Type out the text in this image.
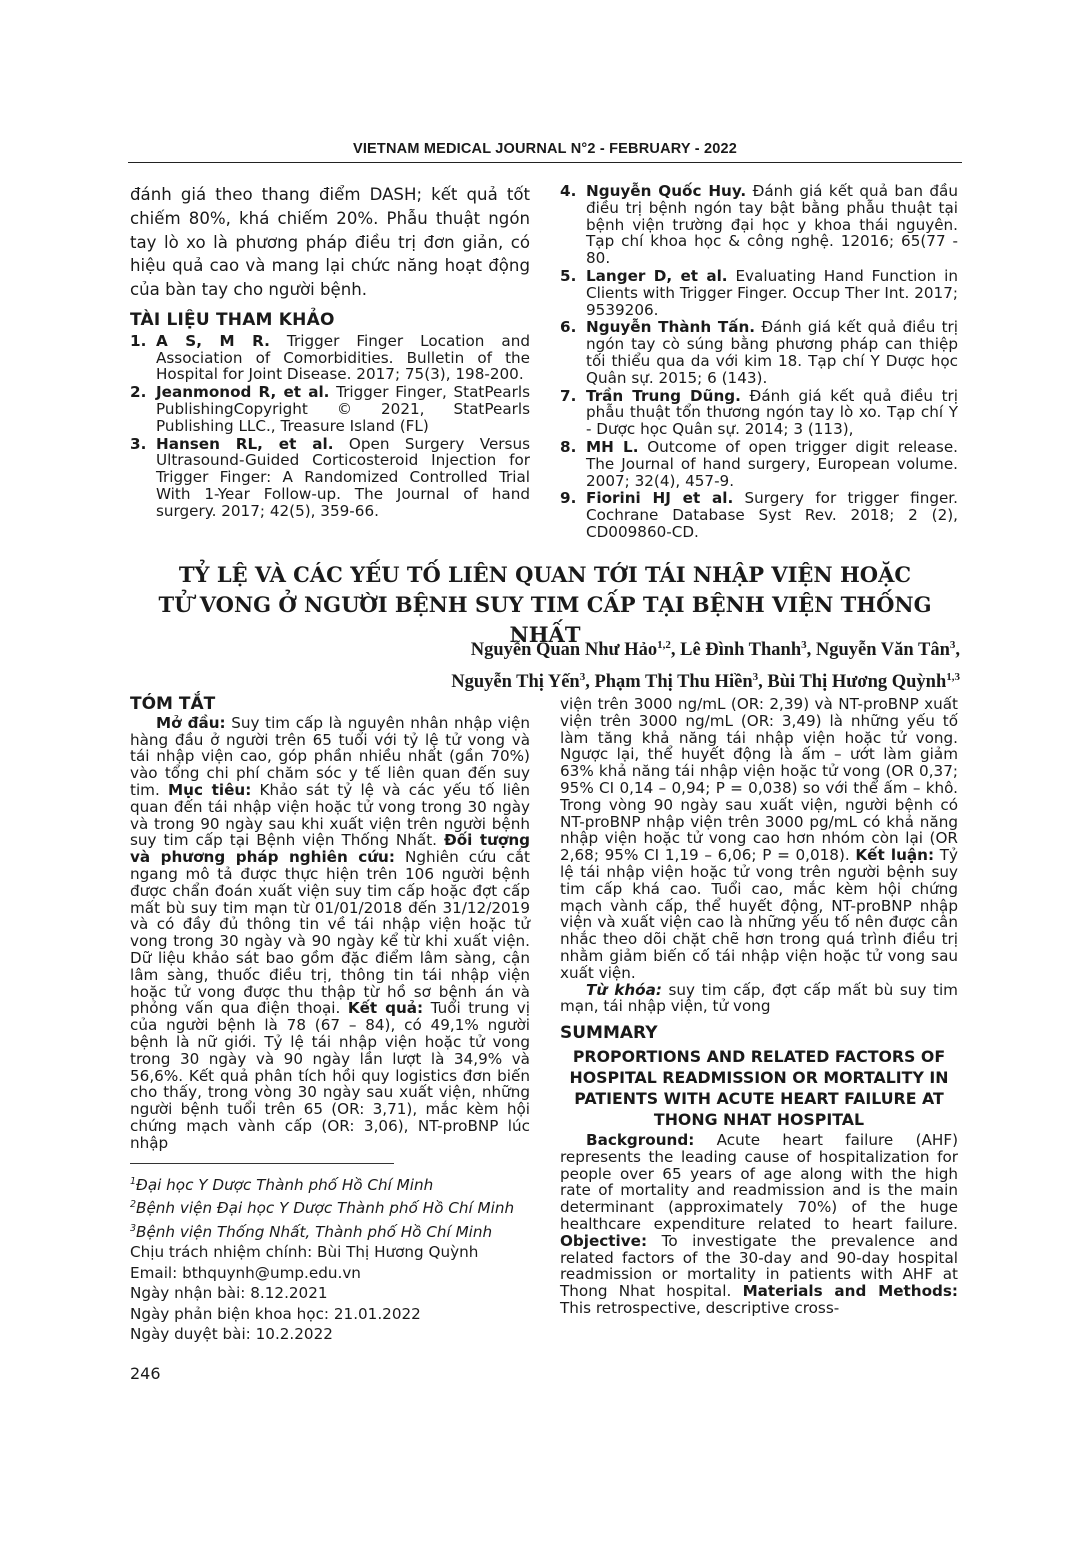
VIETNAM MEDICAL JOURNAL N°2 - FEBRUARY - 2022

đánh giá theo thang điểm DASH; kết quả tốt chiếm 80%, khá chiếm 20%. Phẫu thuật ngón tay lò xo là phương pháp điều trị đơn giản, có hiệu quả cao và mang lại chức năng hoạt động của bàn tay cho người bệnh.

TÀI LIỆU THAM KHẢO
1. A S, M R. Trigger Finger Location and Association of Comorbidities. Bulletin of the Hospital for Joint Disease. 2017; 75(3), 198-200.
2. Jeanmonod R, et al. Trigger Finger, StatPearls PublishingCopyright © 2021, StatPearls Publishing LLC., Treasure Island (FL)
3. Hansen RL, et al. Open Surgery Versus Ultrasound-Guided Corticosteroid Injection for Trigger Finger: A Randomized Controlled Trial With 1-Year Follow-up. The Journal of hand surgery. 2017; 42(5), 359-66.
4. Nguyễn Quốc Huy. Đánh giá kết quả ban đầu điều trị bệnh ngón tay bật bằng phẫu thuật tại bệnh viện trường đại học y khoa thái nguyên. Tạp chí khoa học & công nghệ. 12016; 65(77 - 80.
5. Langer D, et al. Evaluating Hand Function in Clients with Trigger Finger. Occup Ther Int. 2017; 9539206.
6. Nguyễn Thành Tấn. Đánh giá kết quả điều trị ngón tay cò súng bằng phương pháp can thiệp tối thiểu qua da với kim 18. Tạp chí Y Dược học Quân sự. 2015; 6 (143).
7. Trần Trung Dũng. Đánh giá kết quả điều trị phẫu thuật tổn thương ngón tay lò xo. Tạp chí Y - Dược học Quân sự. 2014; 3 (113),
8. MH L. Outcome of open trigger digit release. The Journal of hand surgery, European volume. 2007; 32(4), 457-9.
9. Fiorini HJ et al. Surgery for trigger finger. Cochrane Database Syst Rev. 2018; 2 (2), CD009860-CD.
TỶ LỆ VÀ CÁC YẾU TỐ LIÊN QUAN TỚI TÁI NHẬP VIỆN HOẶC
TỬ VONG Ở NGƯỜI BỆNH SUY TIM CẤP TẠI BỆNH VIỆN THỐNG NHẤT
Nguyễn Quan Như Hảo$^{1,2}$, Lê Đình Thanh$^3$, Nguyễn Văn Tân$^3$,
Nguyễn Thị Yến$^3$, Phạm Thị Thu Hiền$^3$, Bùi Thị Hương Quỳnh$^{1,3}$
TÓM TẮT

Mở đầu: Suy tim cấp là nguyên nhân nhập viện hàng đầu ở người trên 65 tuổi với tỷ lệ tử vong và tái nhập viện cao, góp phần nhiều nhất (gần 70%) vào tổng chi phí chăm sóc y tế liên quan đến suy tim. Mục tiêu: Khảo sát tỷ lệ và các yếu tố liên quan đến tái nhập viện hoặc tử vong trong 30 ngày và trong 90 ngày sau khi xuất viện trên người bệnh suy tim cấp tại Bệnh viện Thống Nhất. Đối tượng và phương pháp nghiên cứu: Nghiên cứu cắt ngang mô tả được thực hiện trên 106 người bệnh được chẩn đoán xuất viện suy tim cấp hoặc đợt cấp mất bù suy tim mạn từ 01/01/2018 đến 31/12/2019 và có đầy đủ thông tin về tái nhập viện hoặc tử vong trong 30 ngày và 90 ngày kể từ khi xuất viện. Dữ liệu khảo sát bao gồm đặc điểm lâm sàng, cận lâm sàng, thuốc điều trị, thông tin tái nhập viện hoặc tử vong được thu thập từ hồ sơ bệnh án và phỏng vấn qua điện thoại. Kết quả: Tuổi trung vị của người bệnh là 78 (67 – 84), có 49,1% người bệnh là nữ giới. Tỷ lệ tái nhập viện hoặc tử vong trong 30 ngày và 90 ngày lần lượt là 34,9% và 56,6%. Kết quả phân tích hồi quy logistics đơn biến cho thấy, trong vòng 30 ngày sau xuất viện, những người bệnh tuổi trên 65 (OR: 3,71), mắc kèm hội chứng mạch vành cấp (OR: 3,06), NT-proBNP lúc nhập

viện trên 3000 ng/mL (OR: 2,39) và NT-proBNP xuất viện trên 3000 ng/mL (OR: 3,49) là những yếu tố làm tăng khả năng tái nhập viện hoặc tử vong. Ngược lại, thể huyết động là ấm – ướt làm giảm 63% khả năng tái nhập viện hoặc tử vong (OR 0,37; 95% CI 0,14 – 0,94; P = 0,038) so với thể ấm – khô. Trong vòng 90 ngày sau xuất viện, người bệnh có NT-proBNP nhập viện trên 3000 pg/mL có khả năng nhập viện hoặc tử vong cao hơn nhóm còn lại (OR 2,68; 95% CI 1,19 – 6,06; P = 0,018). Kết luận: Tỷ lệ tái nhập viện hoặc tử vong trên người bệnh suy tim cấp khá cao. Tuổi cao, mắc kèm hội chứng mạch vành cấp, thể huyết động, NT-proBNP nhập viện và xuất viện cao là những yếu tố nên được cân nhắc theo dõi chặt chẽ hơn trong quá trình điều trị nhằm giảm biến cố tái nhập viện hoặc tử vong sau xuất viện.

Từ khóa: suy tim cấp, đợt cấp mất bù suy tim mạn, tái nhập viện, tử vong

SUMMARY
PROPORTIONS AND RELATED FACTORS OF HOSPITAL READMISSION OR MORTALITY IN PATIENTS WITH ACUTE HEART FAILURE AT THONG NHAT HOSPITAL

Background: Acute heart failure (AHF) represents the leading cause of hospitalization for people over 65 years of age along with the high rate of mortality and readmission and is the main determinant (approximately 70%) of the huge healthcare expenditure related to heart failure. Objective: To investigate the prevalence and related factors of the 30-day and 90-day hospital readmission or mortality in patients with AHF at Thong Nhat hospital. Materials and Methods: This retrospective, descriptive cross-

$^1$Đại học Y Dược Thành phố Hồ Chí Minh
$^2$Bệnh viện Đại học Y Dược Thành phố Hồ Chí Minh
$^3$Bệnh viện Thống Nhất, Thành phố Hồ Chí Minh
Chịu trách nhiệm chính: Bùi Thị Hương Quỳnh
Email: bthquynh@ump.edu.vn
Ngày nhận bài: 8.12.2021
Ngày phản biện khoa học: 21.01.2022
Ngày duyệt bài: 10.2.2022
246
